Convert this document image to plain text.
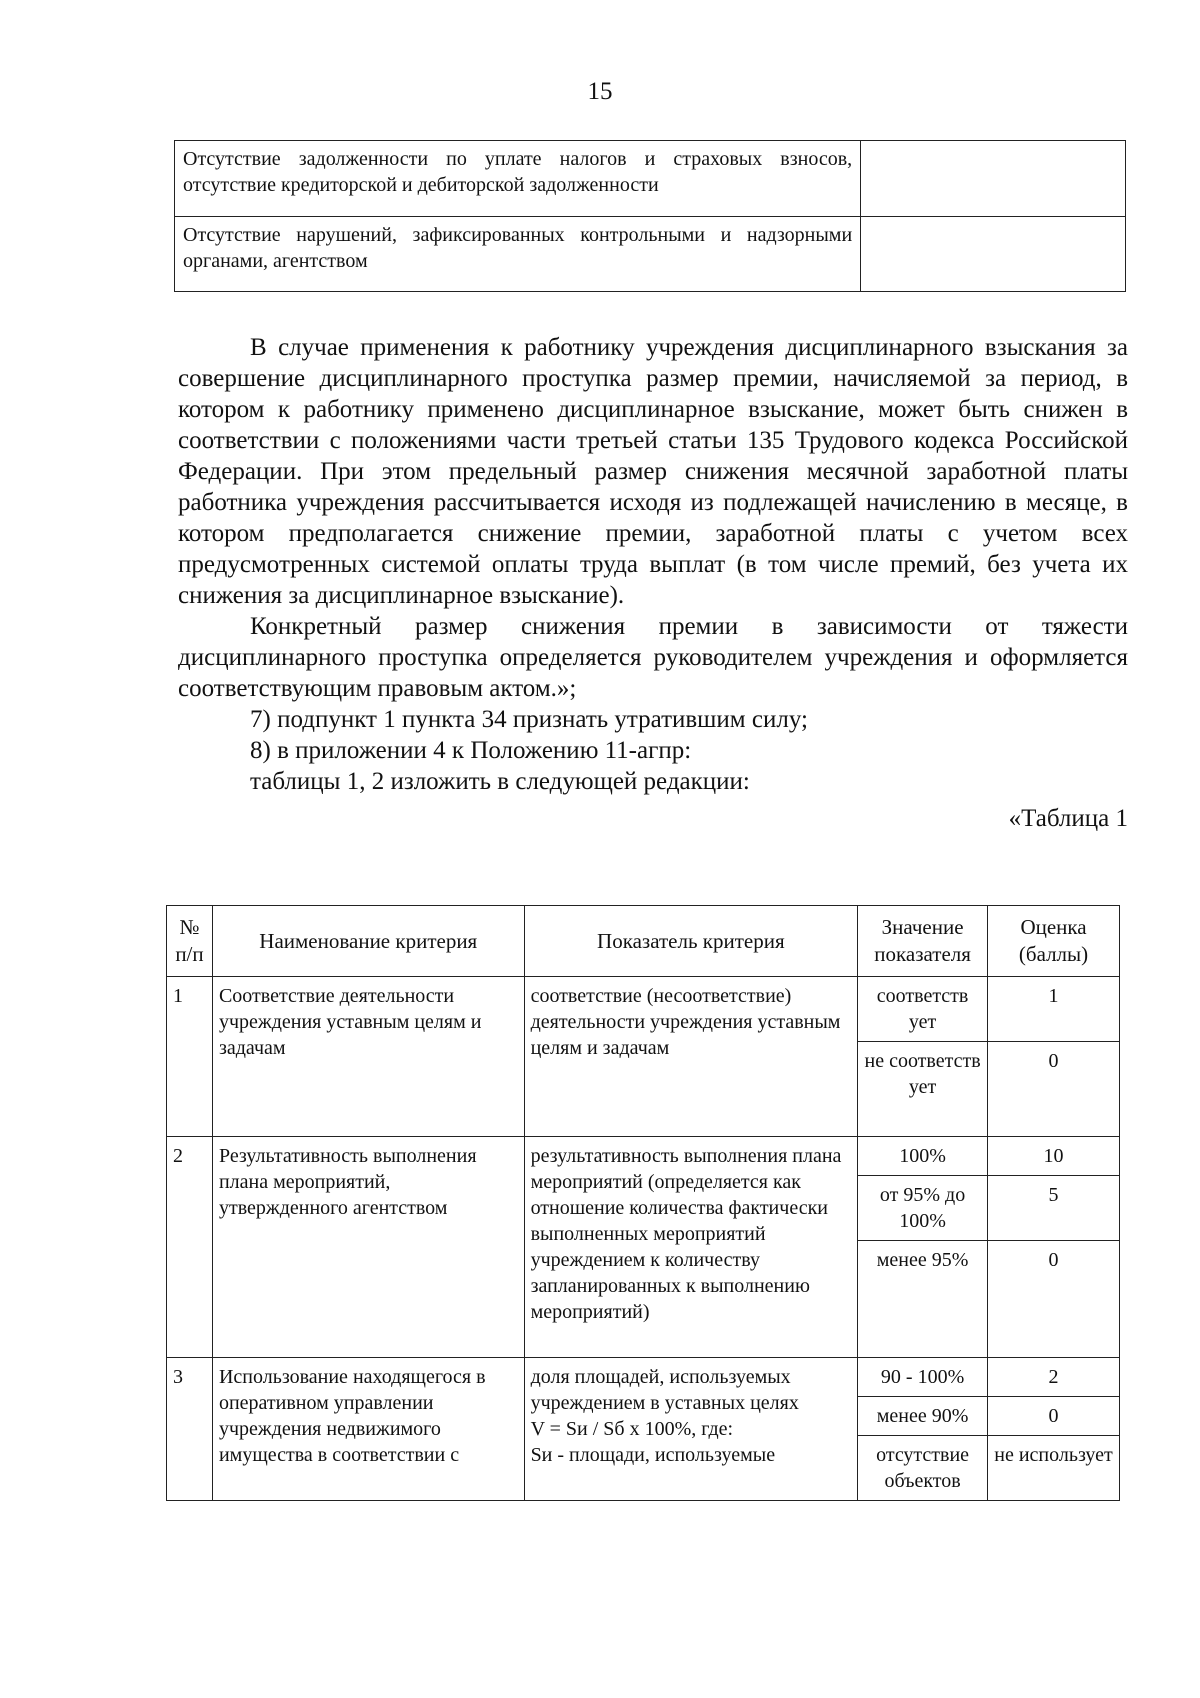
15
Отсутствие задолженности по уплате налогов и страховых взносов, отсутствие кредиторской и дебиторской задолженности	
Отсутствие нарушений, зафиксированных контрольными и надзорными органами, агентством	

В случае применения к работнику учреждения дисциплинарного взыскания за совершение дисциплинарного проступка размер премии, начисляемой за период, в котором к работнику применено дисциплинарное взыскание, может быть снижен в соответствии с положениями части третьей статьи 135 Трудового кодекса Российской Федерации. При этом предельный размер снижения месячной заработной платы работника учреждения рассчитывается исходя из подлежащей начислению в месяце, в котором предполагается снижение премии, заработной платы с учетом всех предусмотренных системой оплаты труда выплат (в том числе премий, без учета их снижения за дисциплинарное взыскание).

Конкретный размер снижения премии в зависимости от тяжести дисциплинарного проступка определяется руководителем учреждения и оформляется соответствующим правовым актом.»;

7) подпункт 1 пункта 34 признать утратившим силу;

8) в приложении 4 к Положению 11-агпр:

таблицы 1, 2 изложить в следующей редакции:

«Таблица 1

№ п/п	Наименование критерия	Показатель критерия	Значение показателя	Оценка (баллы)
1	Соответствие деятельности учреждения уставным целям и задачам	соответствие (несоответствие) деятельности учреждения уставным целям и задачам	соответств ует	1
			не соответств ует	0
2	Результативность выполнения плана мероприятий, утвержденного агентством	результативность выполнения плана мероприятий (определяется как отношение количества фактически выполненных мероприятий учреждением к количеству запланированных к выполнению мероприятий)	100%	10
			от 95% до 100%	5
			менее 95%	0
3	Использование находящегося в оперативном управлении учреждения недвижимого имущества в соответствии с	доля площадей, используемых учреждением в уставных целях
V = Sи / Sб x 100%, где:
Sи - площади, используемые	90 - 100%	2
			менее 90%	0
			отсутствие объектов	не использует
